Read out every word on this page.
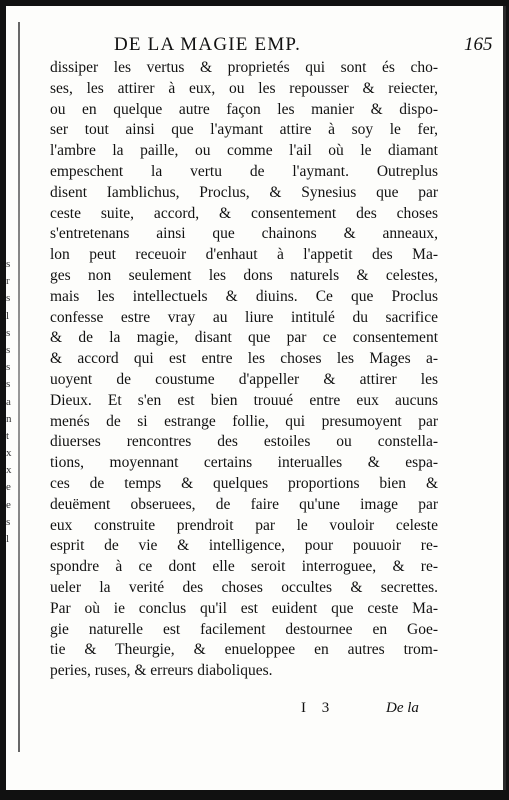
s
r
s
l
s
s
s
s
a
n
t
x
x
e
e
s
l
DE LA MAGIE EMP.	165
dissiper les vertus & proprietés qui sont és cho-
ses, les attirer à eux, ou les repousser & reiecter,
ou en quelque autre façon les manier & dispo-
ser tout ainsi que l'aymant attire à soy le fer,
l'ambre la paille, ou comme l'ail où le diamant
empeschent la vertu de l'aymant. Outreplus
disent Iamblichus, Proclus, & Synesius que par
ceste suite, accord, & consentement des choses
s'entretenans ainsi que chainons & anneaux,
lon peut receuoir d'enhaut à l'appetit des Ma-
ges non seulement les dons naturels & celestes,
mais les intellectuels & diuins. Ce que Proclus
confesse estre vray au liure intitulé du sacrifice
& de la magie, disant que par ce consentement
& accord qui est entre les choses les Mages a-
uoyent de coustume d'appeller & attirer les
Dieux. Et s'en est bien trouué entre eux aucuns
menés de si estrange follie, qui presumoyent par
diuerses rencontres des estoiles ou constella-
tions, moyennant certains interualles & espa-
ces de temps & quelques proportions bien &
deuëment obseruees, de faire qu'une image par
eux construite prendroit par le vouloir celeste
esprit de vie & intelligence, pour pouuoir re-
spondre à ce dont elle seroit interroguee, & re-
ueler la verité des choses occultes & secrettes.
Par où ie conclus qu'il est euident que ceste Ma-
gie naturelle est facilement destournee en Goe-
tie & Theurgie, & enueloppee en autres trom-
peries, ruses, & erreurs diaboliques.
I 3	De la
